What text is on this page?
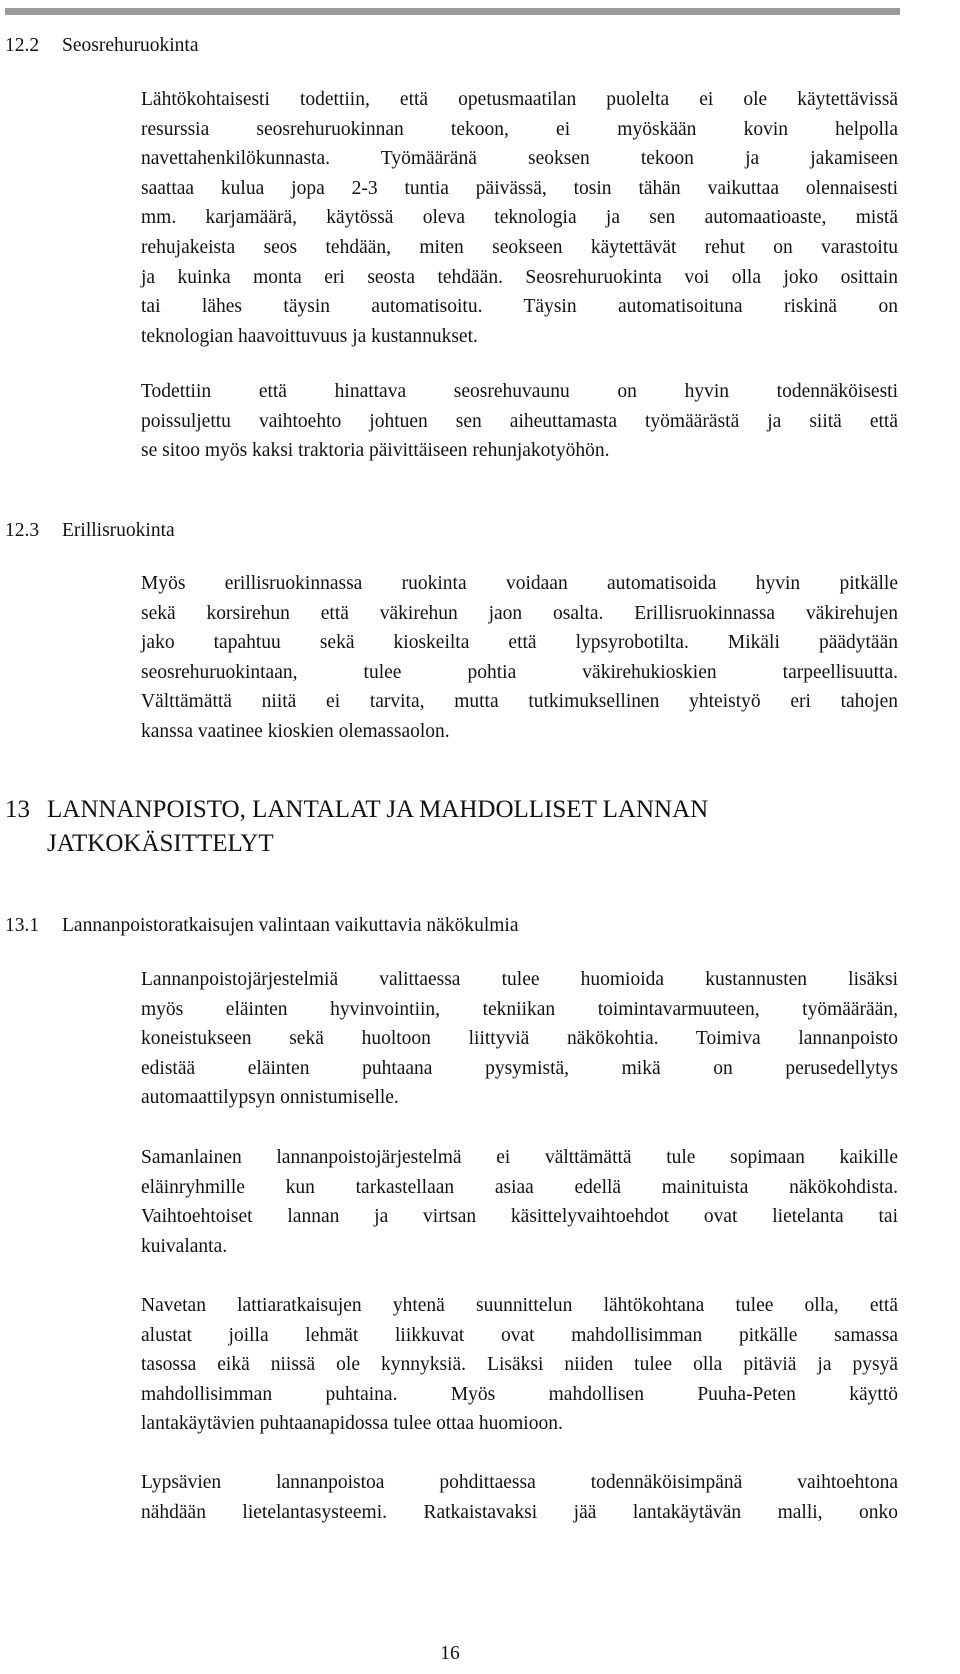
12.2 Seosrehuruokinta
Lähtökohtaisesti todettiin, että opetusmaatilan puolelta ei ole käytettävissä
resurssia seosrehuruokinnan tekoon, ei myöskään kovin helpolla
navettahenkilökunnasta. Työmääränä seoksen tekoon ja jakamiseen
saattaa kulua jopa 2-3 tuntia päivässä, tosin tähän vaikuttaa olennaisesti
mm. karjamäärä, käytössä oleva teknologia ja sen automaatioaste, mistä
rehujakeista seos tehdään, miten seokseen käytettävät rehut on varastoitu
ja kuinka monta eri seosta tehdään. Seosrehuruokinta voi olla joko osittain
tai lähes täysin automatisoitu. Täysin automatisoituna riskinä on
teknologian haavoittuvuus ja kustannukset.
Todettiin että hinattava seosrehuvaunu on hyvin todennäköisesti
poissuljettu vaihtoehto johtuen sen aiheuttamasta työmäärästä ja siitä että
se sitoo myös kaksi traktoria päivittäiseen rehunjakotyöhön.
12.3 Erillisruokinta
Myös erillisruokinnassa ruokinta voidaan automatisoida hyvin pitkälle
sekä korsirehun että väkirehun jaon osalta. Erillisruokinnassa väkirehujen
jako tapahtuu sekä kioskeilta että lypsyrobotilta. Mikäli päädytään
seosrehuruokintaan, tulee pohtia väkirehukioskien tarpeellisuutta.
Välttämättä niitä ei tarvita, mutta tutkimuksellinen yhteistyö eri tahojen
kanssa vaatinee kioskien olemassaolon.
13 LANNANPOISTO, LANTALAT JA MAHDOLLISET LANNAN
JATKOKÄSITTELYT
13.1 Lannanpoistoratkaisujen valintaan vaikuttavia näkökulmia
Lannanpoistojärjestelmiä valittaessa tulee huomioida kustannusten lisäksi
myös eläinten hyvinvointiin, tekniikan toimintavarmuuteen, työmäärään,
koneistukseen sekä huoltoon liittyviä näkökohtia. Toimiva lannanpoisto
edistää eläinten puhtaana pysymistä, mikä on perusedellytys
automaattilypsyn onnistumiselle.
Samanlainen lannanpoistojärjestelmä ei välttämättä tule sopimaan kaikille
eläinryhmille kun tarkastellaan asiaa edellä mainituista näkökohdista.
Vaihtoehtoiset lannan ja virtsan käsittelyvaihtoehdot ovat lietelanta tai
kuivalanta.
Navetan lattiaratkaisujen yhtenä suunnittelun lähtökohtana tulee olla, että
alustat joilla lehmät liikkuvat ovat mahdollisimman pitkälle samassa
tasossa eikä niissä ole kynnyksiä. Lisäksi niiden tulee olla pitäviä ja pysyä
mahdollisimman puhtaina. Myös mahdollisen Puuha-Peten käyttö
lantakäytävien puhtaanapidossa tulee ottaa huomioon.
Lypsävien lannanpoistoa pohdittaessa todennäköisimpänä vaihtoehtona
nähdään lietelantasysteemi. Ratkaistavaksi jää lantakäytävän malli, onko
16
